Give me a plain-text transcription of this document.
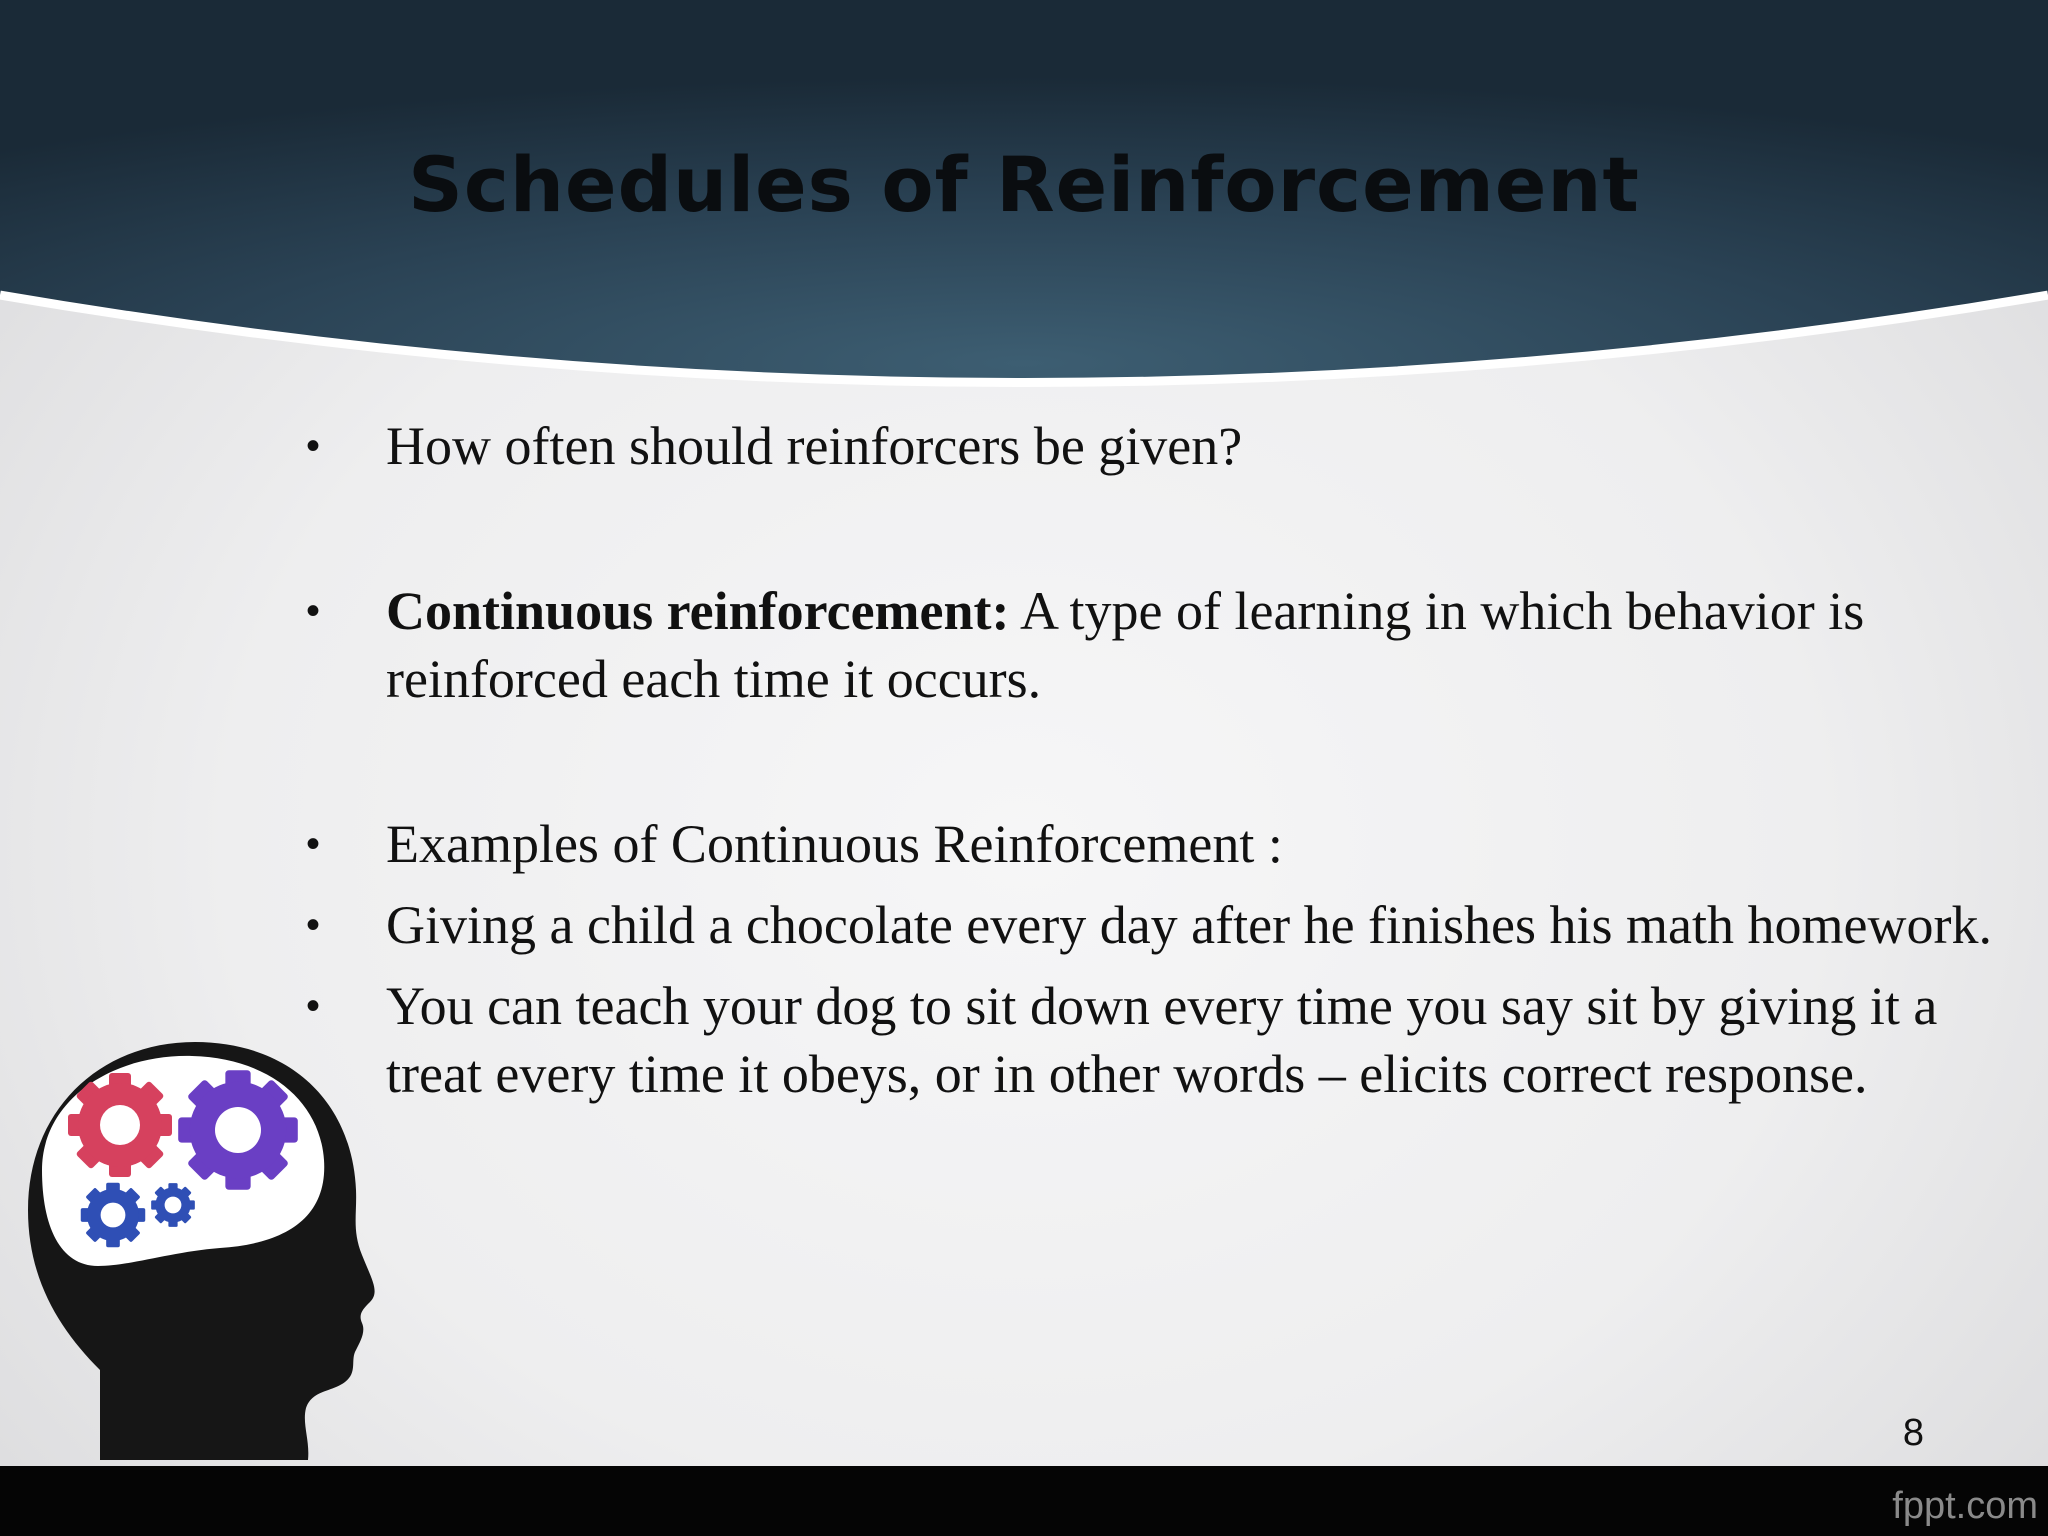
Schedules of Reinforcement
• How often should reinforcers be given?
• Continuous reinforcement: A type of learning in which behavior is reinforced each time it occurs.
• Examples of Continuous Reinforcement :
• Giving a child a chocolate every day after he finishes his math homework.
• You can teach your dog to sit down every time you say sit by giving it a treat every time it obeys, or in other words – elicits correct response.
8
fppt.com
